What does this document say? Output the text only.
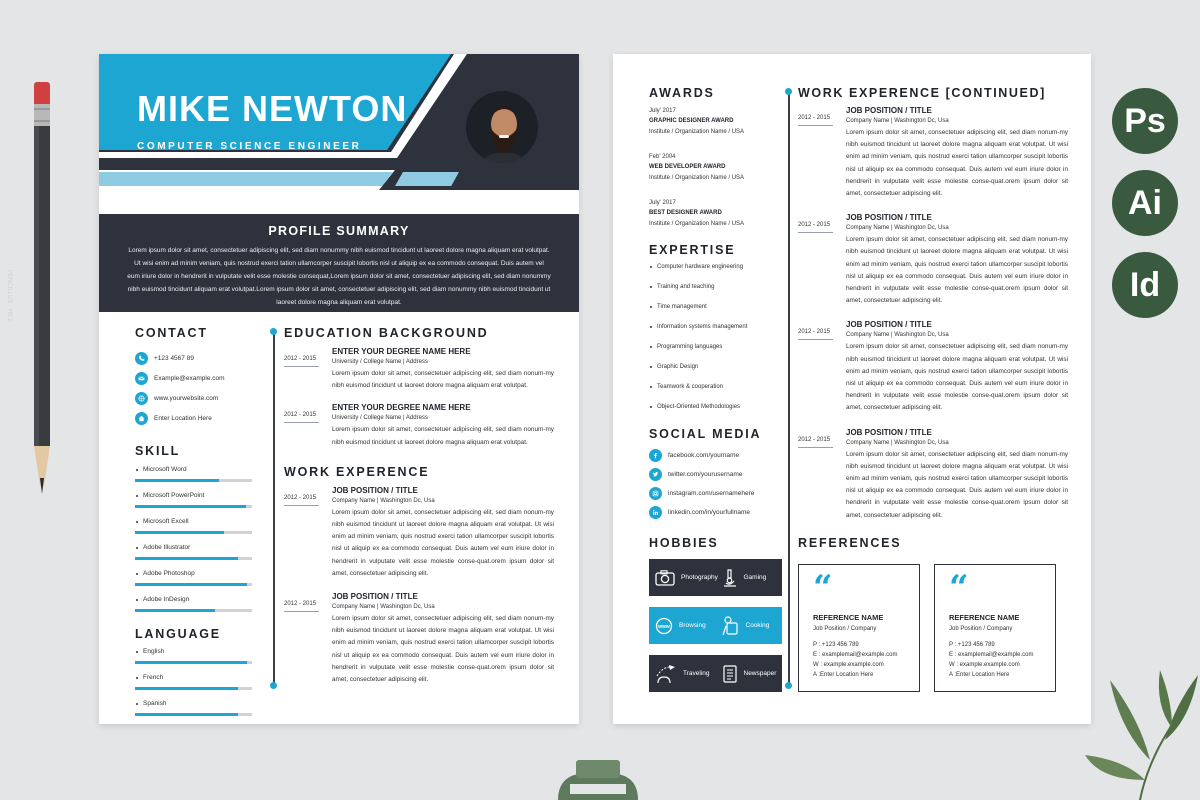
PENCILLUS · HB 2
MIKE NEWTON
COMPUTER SCIENCE ENGINEER
PROFILE SUMMARY

Lorem ipsum dolor sit amet, consectetuer adipiscing elit, sed diam nonummy nibh euismod tincidunt ut laoreet dolore magna aliquam erat volutpat. Ut wisi enim ad minim veniam, quis nostrud exerci tation ullamcorper suscipit lobortis nisl ut aliquip ex ea commodo consequat. Duis autem vel eum iriure dolor in hendrerit in vulputate velit esse molestie consequat,Lorem ipsum dolor sit amet, consectetuer adipiscing elit, sed diam nonummy nibh euismod tincidunt aliquam erat volutpat.Lorem ipsum dolor sit amet, consectetuer adipiscing elit, sed diam nonummy nibh euismod tincidunt ut laoreet dolore magna aliquam erat volutpat.

CONTACT
+123 4567 89
Example@example.com
www.yourwebsite.com
Enter Location Here
SKILL
Microsoft Word
Microsoft PowerPoint
Microsoft Excell
Adobe Illustrator
Adobe Photoshop
Adobe InDesign
LANGUAGE
English
French
Spanish
EDUCATION BACKGROUND
2012 - 2015
ENTER YOUR DEGREE NAME HERE
University / College Name | Address
Lorem ipsum dolor sit amet, consectetuer adipiscing elit, sed diam nonum-my nibh euismod tincidunt ut laoreet dolore magna aliquam erat volutpat.
2012 - 2015
ENTER YOUR DEGREE NAME HERE
University / College Name | Address
Lorem ipsum dolor sit amet, consectetuer adipiscing elit, sed diam nonum-my nibh euismod tincidunt ut laoreet dolore magna aliquam erat volutpat.
WORK EXPERENCE
2012 - 2015
JOB POSITION / TITLE
Company Name | Washington Dc, Usa
Lorem ipsum dolor sit amet, consectetuer adipiscing elit, sed diam nonum-my nibh euismod tincidunt ut laoreet dolore magna aliquam erat volutpat. Ut wisi enim ad minim veniam, quis nostrud exerci tation ullamcorper suscipit lobortis nisl ut aliquip ex ea commodo consequat. Duis autem vel eum iriure dolor in hendrerit in vulputate velit esse molestie conse-quat.orem ipsum dolor sit amet, consectetuer adipiscing elit.
2012 - 2015
JOB POSITION / TITLE
Company Name | Washington Dc, Usa
Lorem ipsum dolor sit amet, consectetuer adipiscing elit, sed diam nonum-my nibh euismod tincidunt ut laoreet dolore magna aliquam erat volutpat. Ut wisi enim ad minim veniam, quis nostrud exerci tation ullamcorper suscipit lobortis nisl ut aliquip ex ea commodo consequat. Duis autem vel eum iriure dolor in hendrerit in vulputate velit esse molestie conse-quat.orem ipsum dolor sit amet, consectetuer adipiscing elit.
AWARDS
July' 2017
GRAPHIC DESIGNER AWARD
Institute / Organization Name / USA
Feb' 2004
WEB DEVELOPER AWARD
Institute / Organization Name / USA
July' 2017
BEST DESIGNER AWARD
Institute / Organization Name / USA
EXPERTISE
Computer hardware engineering
Training and teaching
Time management
Information systems management
Programming languages
Graphic Design
Teamwork & cooperation
Object-Oriented Methodologies
SOCIAL MEDIA
facebook.com/yourname
twitter.com/yourusername
instagram.com/usernamehere
linkedin.com/in/yourfullname
HOBBIES
Photography	Gaming
www Browsing	Cooking
Traveling	Newspaper
WORK EXPERENCE [CONTINUED]
2012 - 2015
JOB POSITION / TITLE
Company Name | Washington Dc, Usa
Lorem ipsum dolor sit amet, consectetuer adipiscing elit, sed diam nonum-my nibh euismod tincidunt ut laoreet dolore magna aliquam erat volutpat. Ut wisi enim ad minim veniam, quis nostrud exerci tation ullamcorper suscipit lobortis nisl ut aliquip ex ea commodo consequat. Duis autem vel eum iriure dolor in hendrerit in vulputate velit esse molestie conse-quat.orem ipsum dolor sit amet, consectetuer adipiscing elit.
2012 - 2015
JOB POSITION / TITLE
Company Name | Washington Dc, Usa
Lorem ipsum dolor sit amet, consectetuer adipiscing elit, sed diam nonum-my nibh euismod tincidunt ut laoreet dolore magna aliquam erat volutpat. Ut wisi enim ad minim veniam, quis nostrud exerci tation ullamcorper suscipit lobortis nisl ut aliquip ex ea commodo consequat. Duis autem vel eum iriure dolor in hendrerit in vulputate velit esse molestie conse-quat.orem ipsum dolor sit amet, consectetuer adipiscing elit.
2012 - 2015
JOB POSITION / TITLE
Company Name | Washington Dc, Usa
Lorem ipsum dolor sit amet, consectetuer adipiscing elit, sed diam nonum-my nibh euismod tincidunt ut laoreet dolore magna aliquam erat volutpat. Ut wisi enim ad minim veniam, quis nostrud exerci tation ullamcorper suscipit lobortis nisl ut aliquip ex ea commodo consequat. Duis autem vel eum iriure dolor in hendrerit in vulputate velit esse molestie conse-quat.orem ipsum dolor sit amet, consectetuer adipiscing elit.
2012 - 2015
JOB POSITION / TITLE
Company Name | Washington Dc, Usa
Lorem ipsum dolor sit amet, consectetuer adipiscing elit, sed diam nonum-my nibh euismod tincidunt ut laoreet dolore magna aliquam erat volutpat. Ut wisi enim ad minim veniam, quis nostrud exerci tation ullamcorper suscipit lobortis nisl ut aliquip ex ea commodo consequat. Duis autem vel eum iriure dolor in hendrerit in vulputate velit esse molestie conse-quat.orem ipsum dolor sit amet, consectetuer adipiscing elit.
REFERENCES
“
REFERENCE NAME
Job Position / Company
P : +123 456 789
E : examplemail@example.com
W : example.example.com
A :Enter Location Here
“
REFERENCE NAME
Job Position / Company
P : +123 456 789
E : examplemail@example.com
W : example.example.com
A :Enter Location Here
Ps
Ai
Id
